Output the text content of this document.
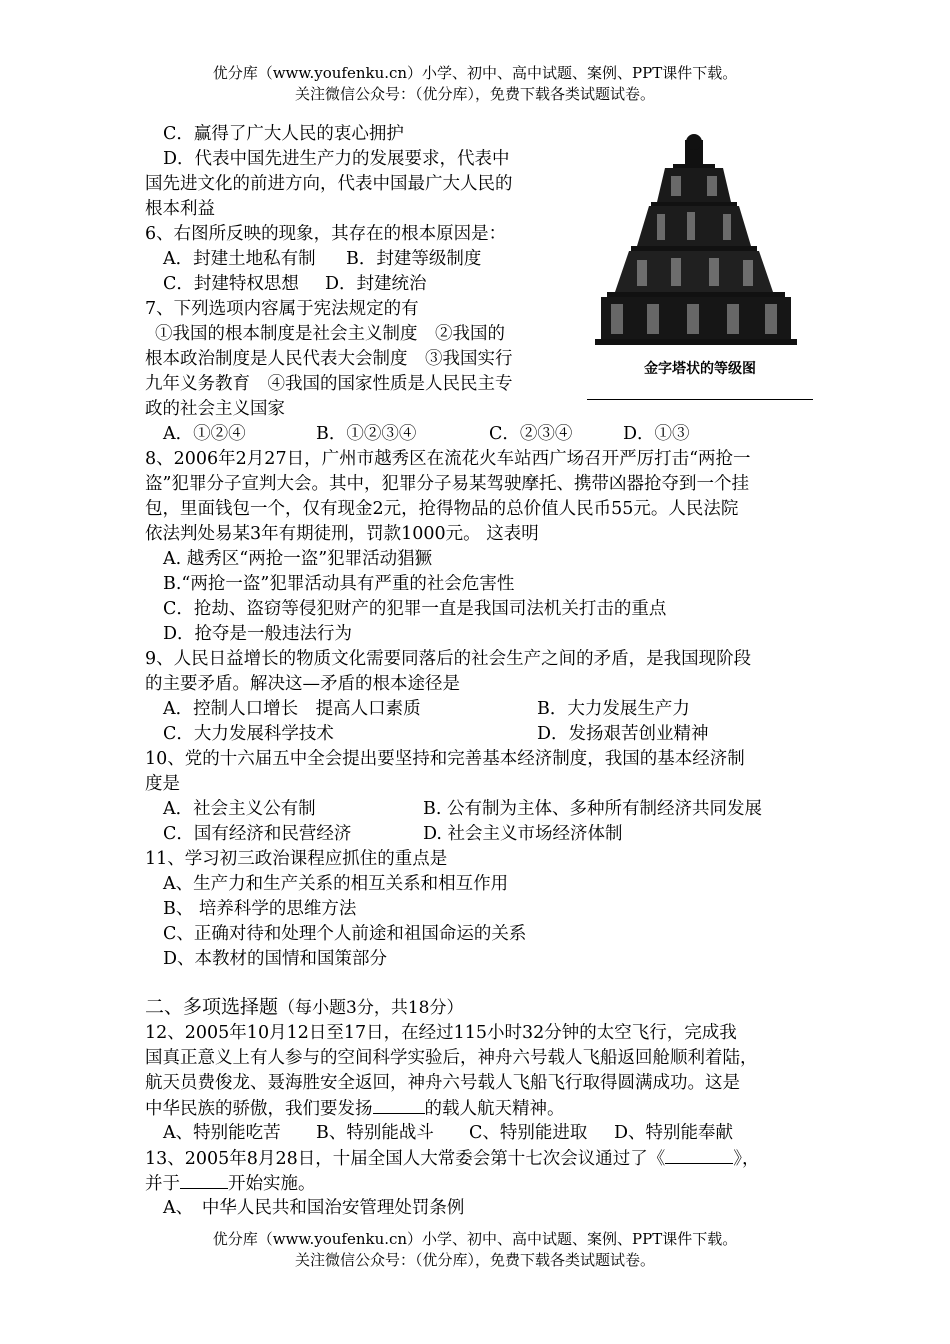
优分库（www.youfenku.cn）小学、初中、高中试题、案例、PPT课件下载。
关注微信公众号：（优分库），免费下载各类试题试卷。
金字塔状的等级图
C．赢得了广大人民的衷心拥护
D．代表中国先进生产力的发展要求，代表中
国先进文化的前进方向，代表中国最广大人民的
根本利益
6、右图所反映的现象，其存在的根本原因是：
A．封建土地私有制 B．封建等级制度
C．封建特权思想 D．封建统治
7、下列选项内容属于宪法规定的有
①我国的根本制度是社会主义制度　②我国的
根本政治制度是人民代表大会制度　③我国实行
九年义务教育　④我国的国家性质是人民民主专
政的社会主义国家
A．①②④	B．①②③④	C．②③④	D．①③
8、2006年2月27日，广州市越秀区在流花火车站西广场召开严厉打击“两抢一
盗”犯罪分子宣判大会。其中，犯罪分子易某驾驶摩托、携带凶器抢夺到一个挂
包，里面钱包一个，仅有现金2元，抢得物品的总价值人民币55元。人民法院
依法判处易某3年有期徒刑，罚款1000元。 这表明
A. 越秀区“两抢一盗”犯罪活动猖獗
B.“两抢一盗”犯罪活动具有严重的社会危害性
C．抢劫、盗窃等侵犯财产的犯罪一直是我国司法机关打击的重点
D．抢夺是一般违法行为
9、人民日益增长的物质文化需要同落后的社会生产之间的矛盾，是我国现阶段
的主要矛盾。解决这—矛盾的根本途径是
A．控制人口增长　提高人口素质	B．大力发展生产力
C．大力发展科学技术	D．发扬艰苦创业精神
10、党的十六届五中全会提出要坚持和完善基本经济制度，我国的基本经济制
度是
A．社会主义公有制	B. 公有制为主体、多种所有制经济共同发展
C．国有经济和民营经济	D. 社会主义市场经济体制
11、学习初三政治课程应抓住的重点是
A、生产力和生产关系的相互关系和相互作用
B、 培养科学的思维方法
C、正确对待和处理个人前途和祖国命运的关系
D、本教材的国情和国策部分
二、多项选择题（每小题3分，共18分）
12、2005年10月12日至17日，在经过115小时32分钟的太空飞行，完成我
国真正意义上有人参与的空间科学实验后，神舟六号载人飞船返回舱顺利着陆，
航天员费俊龙、聂海胜安全返回，神舟六号载人飞船飞行取得圆满成功。这是
中华民族的骄傲，我们要发扬	的载人航天精神。
A、特别能吃苦 B、特别能战斗 C、特别能进取 D、特别能奉献
13、2005年8月28日，十届全国人大常委会第十七次会议通过了《	》，
并于	开始实施。
A、　中华人民共和国治安管理处罚条例
优分库（www.youfenku.cn）小学、初中、高中试题、案例、PPT课件下载。
关注微信公众号：（优分库），免费下载各类试题试卷。
